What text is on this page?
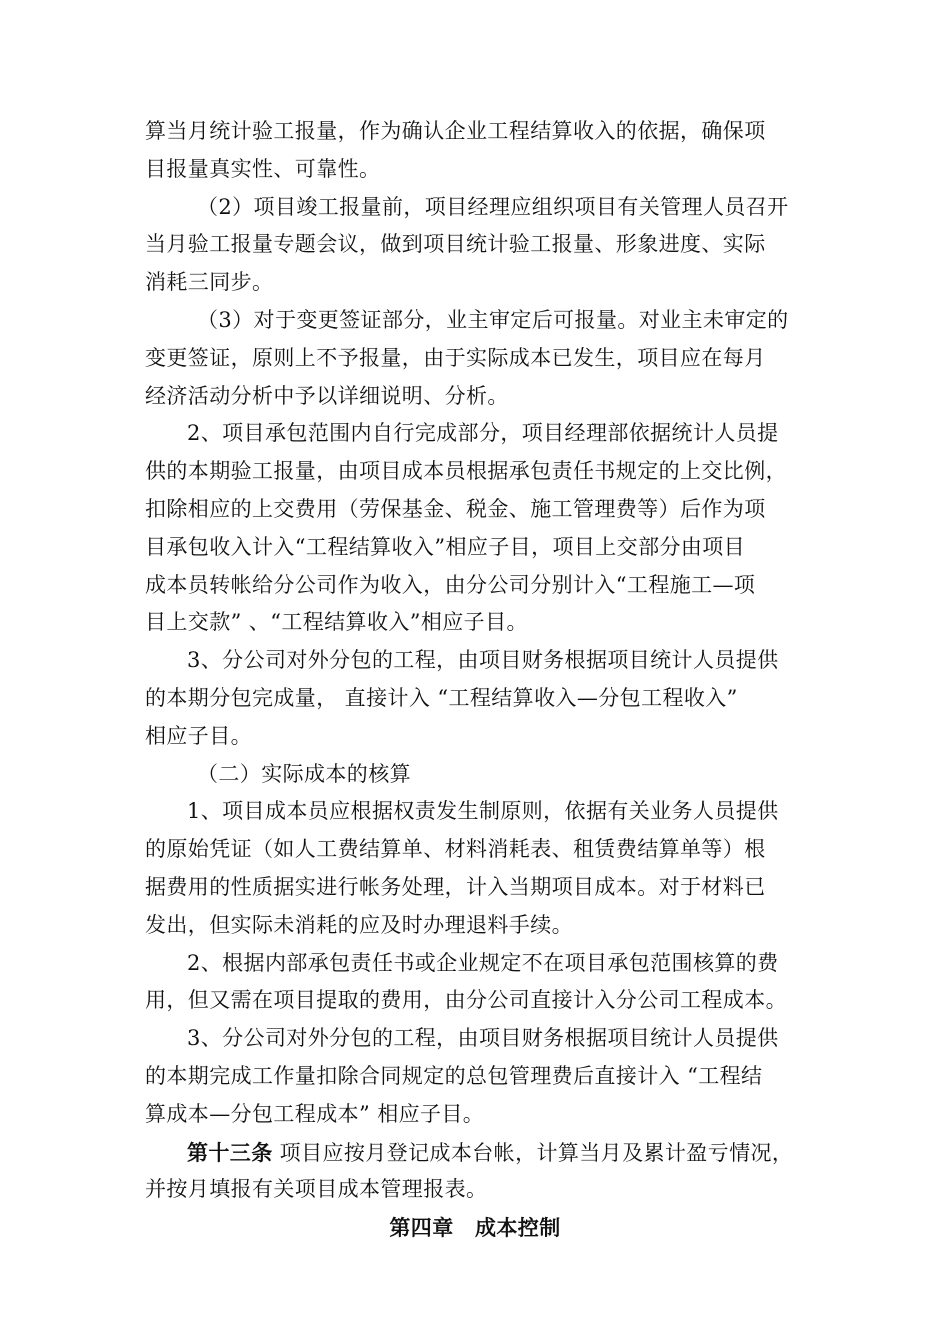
算当月统计验工报量，作为确认企业工程结算收入的依据，确保项
目报量真实性、可靠性。
（2）项目竣工报量前，项目经理应组织项目有关管理人员召开
当月验工报量专题会议，做到项目统计验工报量、形象进度、实际
消耗三同步。
（3）对于变更签证部分，业主审定后可报量。对业主未审定的
变更签证，原则上不予报量，由于实际成本已发生，项目应在每月
经济活动分析中予以详细说明、分析。
2、项目承包范围内自行完成部分，项目经理部依据统计人员提
供的本期验工报量，由项目成本员根据承包责任书规定的上交比例，
扣除相应的上交费用（劳保基金、税金、施工管理费等）后作为项
目承包收入计入“工程结算收入”相应子目，项目上交部分由项目
成本员转帐给分公司作为收入，由分公司分别计入“工程施工—项
目上交款” 、“工程结算收入”相应子目。
3、分公司对外分包的工程，由项目财务根据项目统计人员提供
的本期分包完成量， 直接计入 “工程结算收入—分包工程收入”
相应子目。
（二）实际成本的核算
1、项目成本员应根据权责发生制原则，依据有关业务人员提供
的原始凭证（如人工费结算单、材料消耗表、租赁费结算单等）根
据费用的性质据实进行帐务处理，计入当期项目成本。对于材料已
发出，但实际未消耗的应及时办理退料手续。
2、根据内部承包责任书或企业规定不在项目承包范围核算的费
用，但又需在项目提取的费用，由分公司直接计入分公司工程成本。
3、分公司对外分包的工程，由项目财务根据项目统计人员提供
的本期完成工作量扣除合同规定的总包管理费后直接计入 “工程结
算成本—分包工程成本” 相应子目。
第十三条 项目应按月登记成本台帐，计算当月及累计盈亏情况，
并按月填报有关项目成本管理报表。
第四章　成本控制
